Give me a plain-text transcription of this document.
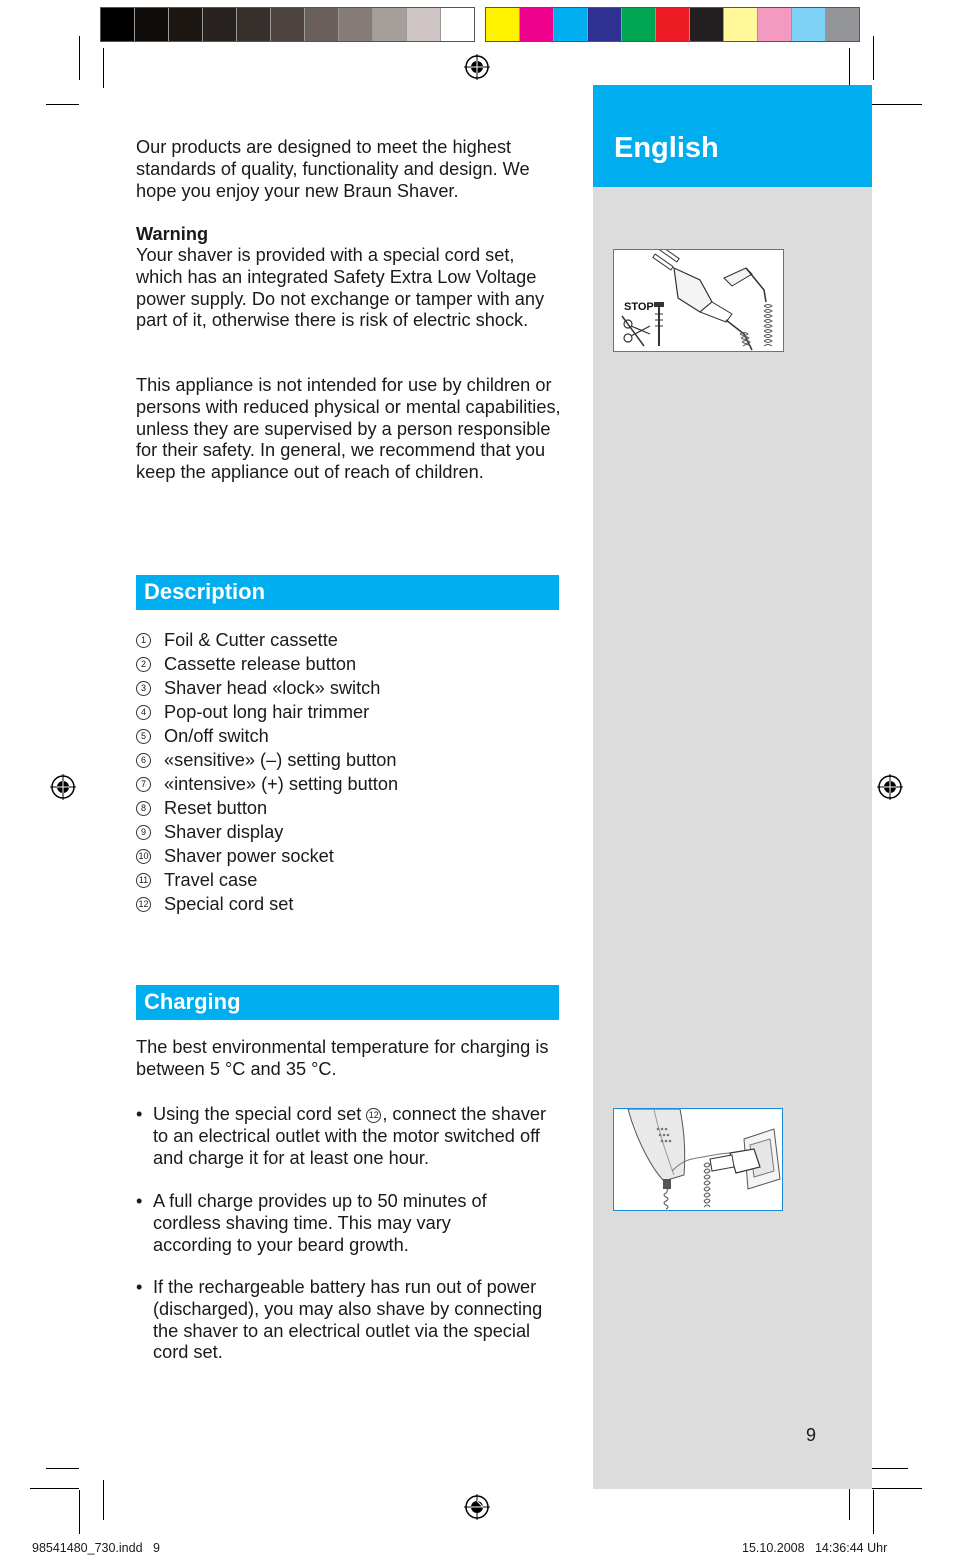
English
STOP

Our products are designed to meet the highest standards of quality, functionality and design. We hope you enjoy your new Braun Shaver.

Warning

Your shaver is provided with a special cord set, which has an integrated Safety Extra Low Voltage power supply. Do not exchange or tamper with any part of it, otherwise there is risk of electric shock.

This appliance is not intended for use by children or persons with reduced physical or mental capabilities, unless they are supervised by a person responsible for their safety. In general, we recommend that you keep the appliance out of reach of children.

Description
1 Foil & Cutter cassette
2 Cassette release button
3 Shaver head «lock» switch
4 Pop-out long hair trimmer
5 On/off switch
6 «sensitive» (–) setting button
7 «intensive» (+) setting button
8 Reset button
9 Shaver display
10 Shaver power socket
11 Travel case
12 Special cord set
Charging

The best environmental temperature for charging is between 5 °C and 35 °C.

• Using the special cord set 12 , connect the shaver to an electrical outlet with the motor switched off and charge it for at least one hour.
• A full charge provides up to 50 minutes of cordless shaving time. This may vary according to your beard growth.
• If the rechargeable battery has run out of power (discharged), you may also shave by connecting the shaver to an electrical outlet via the special cord set.
9
98541480_730.indd   9	15.10.2008   14:36:44 Uhr
